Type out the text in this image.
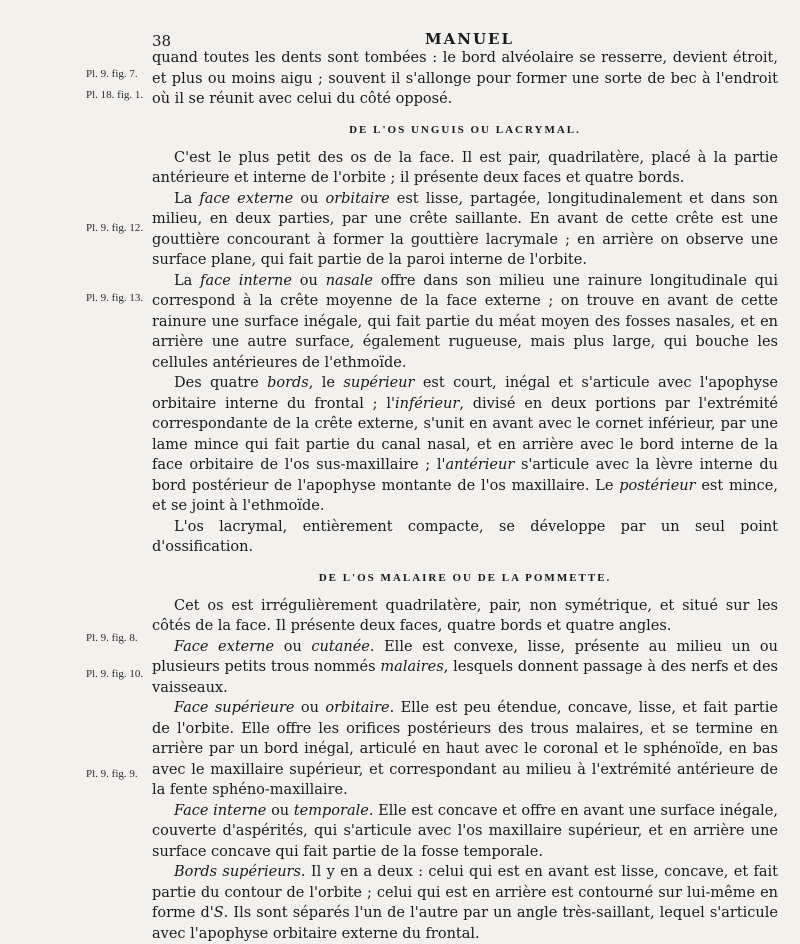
38	MANUEL
Pl. 9. fig. 7.
Pl. 18. fig. 1.
Pl. 9. fig. 12.
Pl. 9. fig. 13.
Pl. 9. fig. 8.
Pl. 9. fig. 10.
Pl. 9. fig. 9.

quand toutes les dents sont tombées : le bord alvéolaire se resserre, devient étroit, et plus ou moins aigu ; souvent il s'allonge pour former une sorte de bec à l'endroit où il se réunit avec celui du côté opposé.

DE L'OS UNGUIS OU LACRYMAL.

C'est le plus petit des os de la face. Il est pair, quadrilatère, placé à la partie antérieure et interne de l'orbite ; il présente deux faces et quatre bords.

La face externe ou orbitaire est lisse, partagée, longitudinalement et dans son milieu, en deux parties, par une crête saillante. En avant de cette crête est une gouttière concourant à former la gouttière lacrymale ; en arrière on observe une surface plane, qui fait partie de la paroi interne de l'orbite.

La face interne ou nasale offre dans son milieu une rainure longitudinale qui correspond à la crête moyenne de la face externe ; on trouve en avant de cette rainure une surface inégale, qui fait partie du méat moyen des fosses nasales, et en arrière une autre surface, également rugueuse, mais plus large, qui bouche les cellules antérieures de l'ethmoïde.

Des quatre bords, le supérieur est court, inégal et s'articule avec l'apophyse orbitaire interne du frontal ; l'inférieur, divisé en deux portions par l'extrémité correspondante de la crête externe, s'unit en avant avec le cornet inférieur, par une lame mince qui fait partie du canal nasal, et en arrière avec le bord interne de la face orbitaire de l'os sus-maxillaire ; l'antérieur s'articule avec la lèvre interne du bord postérieur de l'apophyse montante de l'os maxillaire. Le postérieur est mince, et se joint à l'ethmoïde.

L'os lacrymal, entièrement compacte, se développe par un seul point d'ossification.

DE L'OS MALAIRE OU DE LA POMMETTE.

Cet os est irrégulièrement quadrilatère, pair, non symétrique, et situé sur les côtés de la face. Il présente deux faces, quatre bords et quatre angles.

Face externe ou cutanée. Elle est convexe, lisse, présente au milieu un ou plusieurs petits trous nommés malaires, lesquels donnent passage à des nerfs et des vaisseaux.

Face supérieure ou orbitaire. Elle est peu étendue, concave, lisse, et fait partie de l'orbite. Elle offre les orifices postérieurs des trous malaires, et se termine en arrière par un bord inégal, articulé en haut avec le coronal et le sphénoïde, en bas avec le maxillaire supérieur, et correspondant au milieu à l'extrémité antérieure de la fente sphéno-maxillaire.

Face interne ou temporale. Elle est concave et offre en avant une surface inégale, couverte d'aspérités, qui s'articule avec l'os maxillaire supérieur, et en arrière une surface concave qui fait partie de la fosse temporale.

Bords supérieurs. Il y en a deux : celui qui est en avant est lisse, concave, et fait partie du contour de l'orbite ; celui qui est en arrière est contourné sur lui-même en forme d'S. Ils sont séparés l'un de l'autre par un angle très-saillant, lequel s'articule avec l'apophyse orbitaire externe du frontal.
